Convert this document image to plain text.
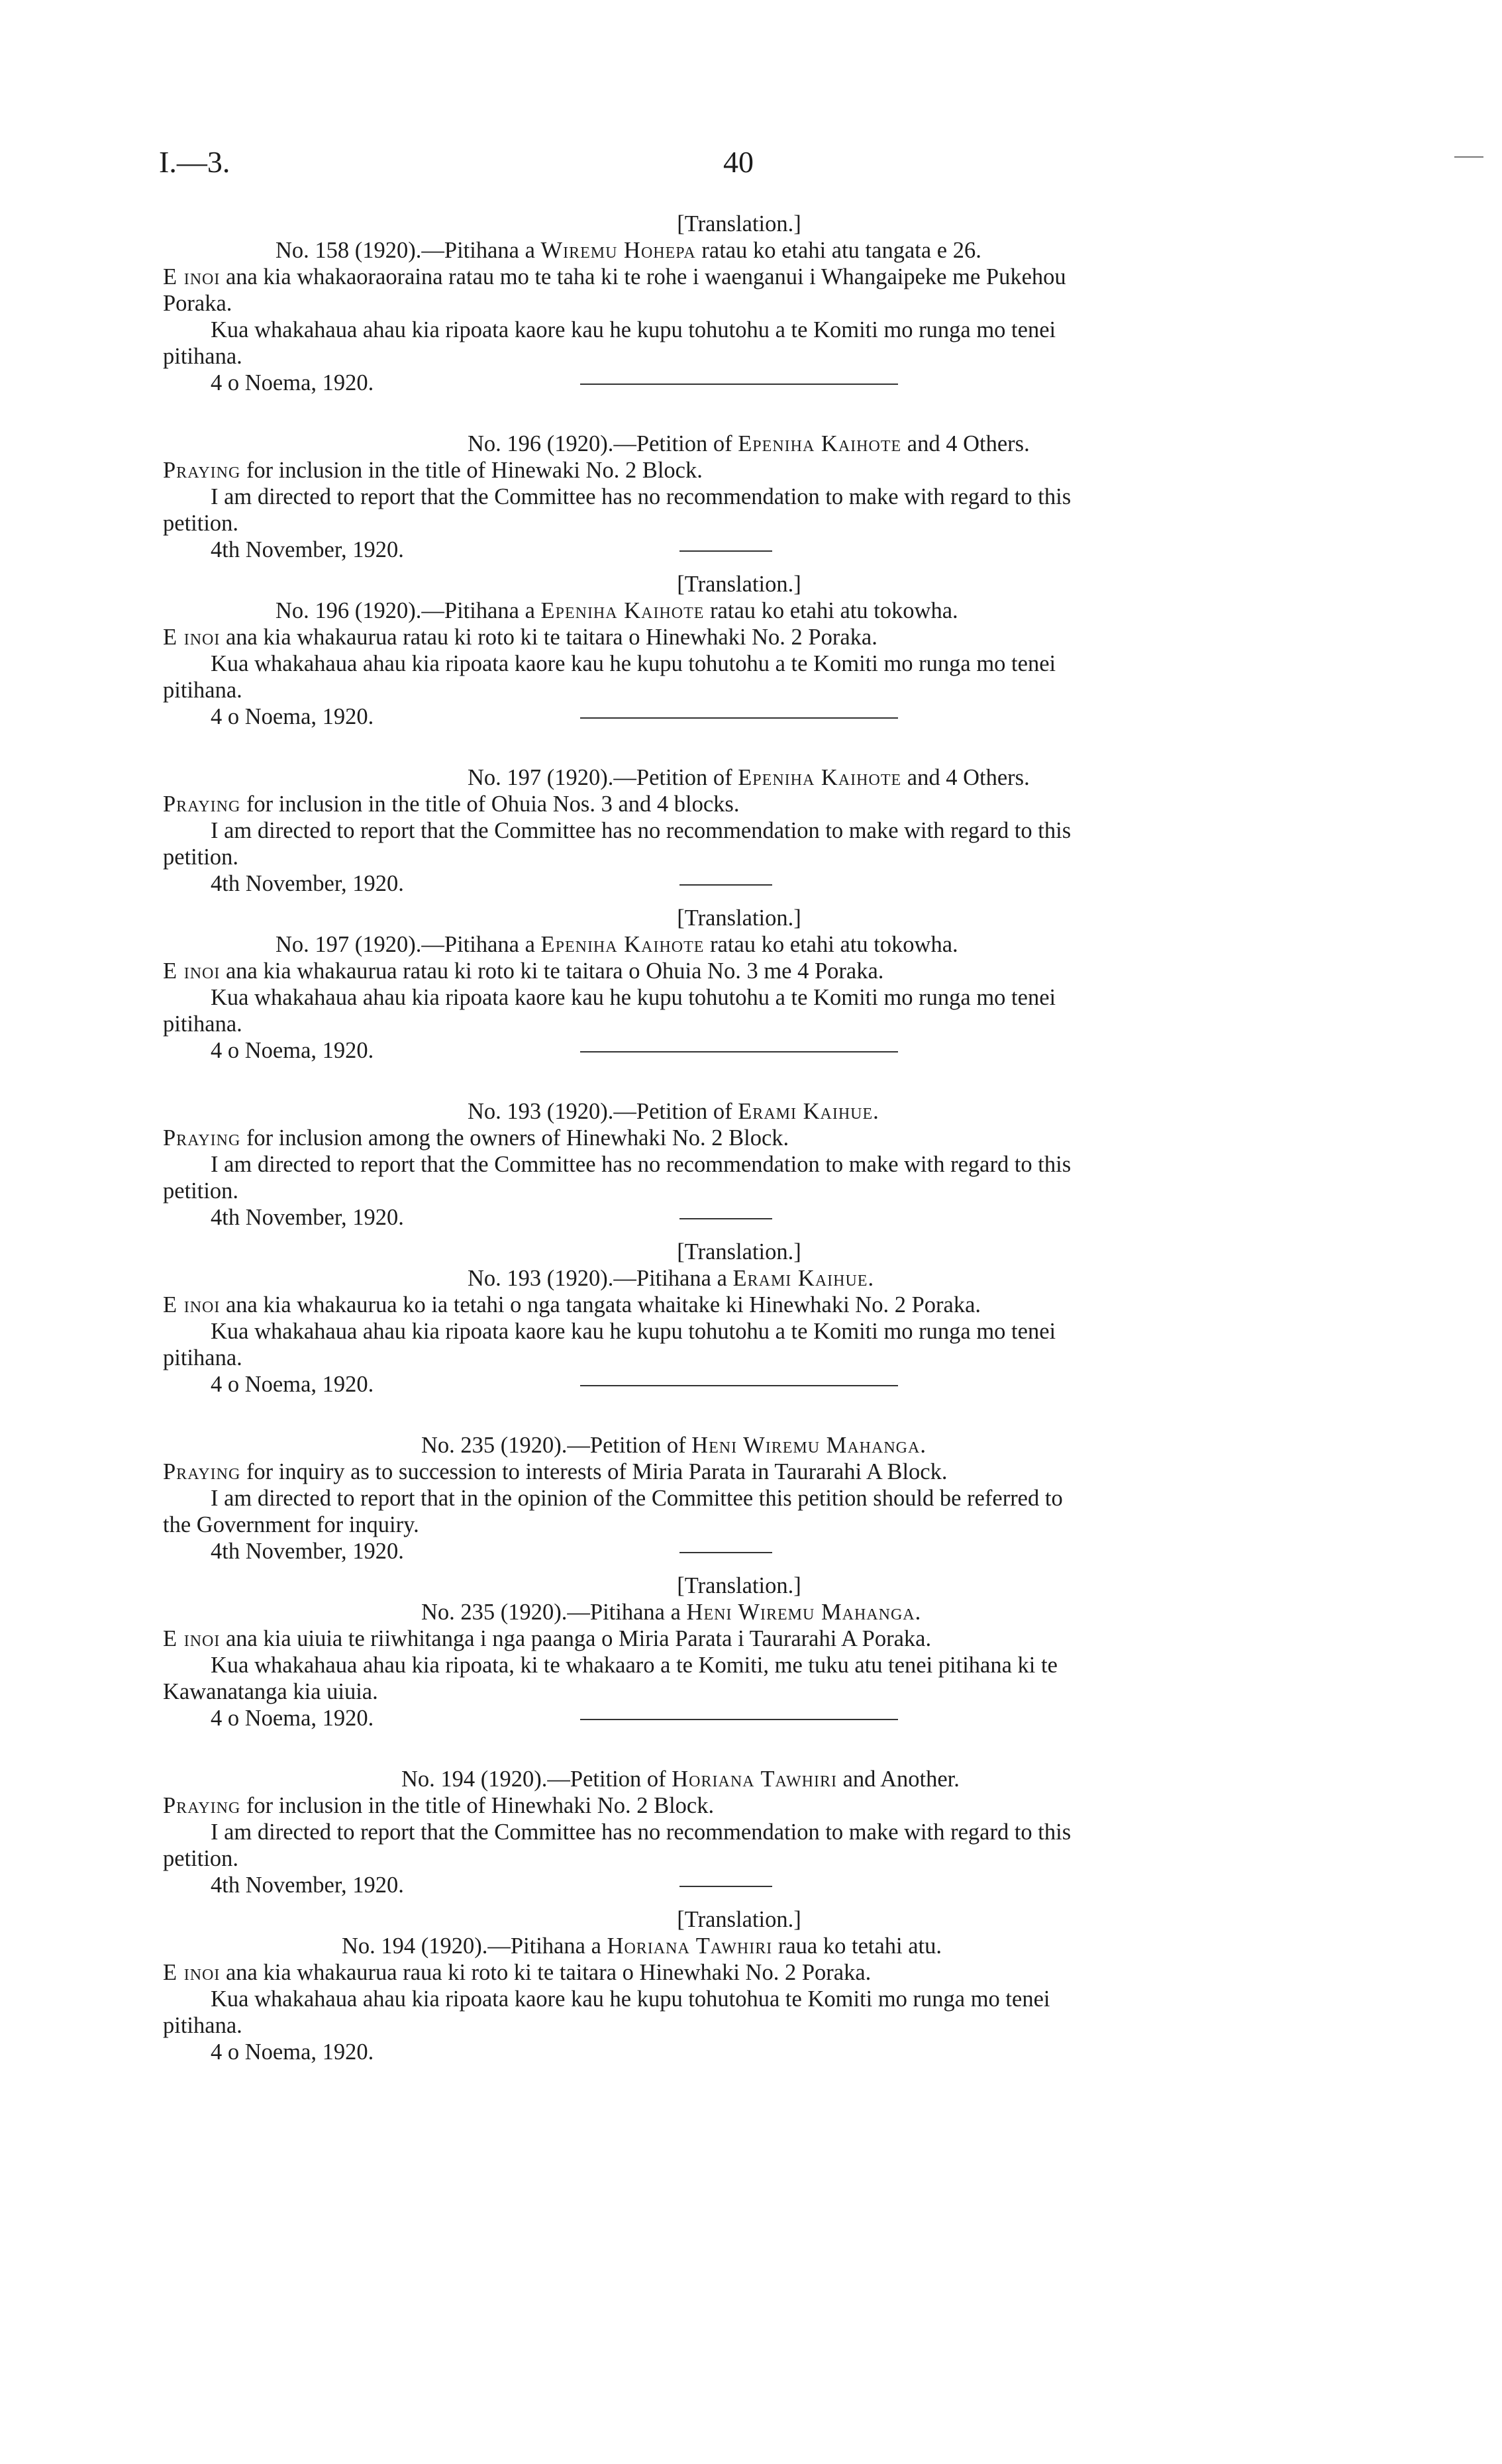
I.—3.	40
[Translation.]
No. 158 (1920).—Pitihana a Wiremu Hohepa ratau ko etahi atu tangata e 26.
E inoi ana kia whakaoraoraina ratau mo te taha ki te rohe i waenganui i Whangaipeke me Pukehou
Poraka.
Kua whakahaua ahau kia ripoata kaore kau he kupu tohutohu a te Komiti mo runga mo tenei
pitihana.
4 o Noema, 1920.
No. 196 (1920).—Petition of Epeniha Kaihote and 4 Others.
Praying for inclusion in the title of Hinewaki No. 2 Block.
I am directed to report that the Committee has no recommendation to make with regard to this
petition.
4th November, 1920.
[Translation.]
No. 196 (1920).—Pitihana a Epeniha Kaihote ratau ko etahi atu tokowha.
E inoi ana kia whakaurua ratau ki roto ki te taitara o Hinewhaki No. 2 Poraka.
Kua whakahaua ahau kia ripoata kaore kau he kupu tohutohu a te Komiti mo runga mo tenei
pitihana.
4 o Noema, 1920.
No. 197 (1920).—Petition of Epeniha Kaihote and 4 Others.
Praying for inclusion in the title of Ohuia Nos. 3 and 4 blocks.
I am directed to report that the Committee has no recommendation to make with regard to this
petition.
4th November, 1920.
[Translation.]
No. 197 (1920).—Pitihana a Epeniha Kaihote ratau ko etahi atu tokowha.
E inoi ana kia whakaurua ratau ki roto ki te taitara o Ohuia No. 3 me 4 Poraka.
Kua whakahaua ahau kia ripoata kaore kau he kupu tohutohu a te Komiti mo runga mo tenei
pitihana.
4 o Noema, 1920.
No. 193 (1920).—Petition of Erami Kaihue.
Praying for inclusion among the owners of Hinewhaki No. 2 Block.
I am directed to report that the Committee has no recommendation to make with regard to this
petition.
4th November, 1920.
[Translation.]
No. 193 (1920).—Pitihana a Erami Kaihue.
E inoi ana kia whakaurua ko ia tetahi o nga tangata whaitake ki Hinewhaki No. 2 Poraka.
Kua whakahaua ahau kia ripoata kaore kau he kupu tohutohu a te Komiti mo runga mo tenei
pitihana.
4 o Noema, 1920.
No. 235 (1920).—Petition of Heni Wiremu Mahanga.
Praying for inquiry as to succession to interests of Miria Parata in Taurarahi A Block.
I am directed to report that in the opinion of the Committee this petition should be referred to
the Government for inquiry.
4th November, 1920.
[Translation.]
No. 235 (1920).—Pitihana a Heni Wiremu Mahanga.
E inoi ana kia uiuia te riiwhitanga i nga paanga o Miria Parata i Taurarahi A Poraka.
Kua whakahaua ahau kia ripoata, ki te whakaaro a te Komiti, me tuku atu tenei pitihana ki te
Kawanatanga kia uiuia.
4 o Noema, 1920.
No. 194 (1920).—Petition of Horiana Tawhiri and Another.
Praying for inclusion in the title of Hinewhaki No. 2 Block.
I am directed to report that the Committee has no recommendation to make with regard to this
petition.
4th November, 1920.
[Translation.]
No. 194 (1920).—Pitihana a Horiana Tawhiri raua ko tetahi atu.
E inoi ana kia whakaurua raua ki roto ki te taitara o Hinewhaki No. 2 Poraka.
Kua whakahaua ahau kia ripoata kaore kau he kupu tohutohua te Komiti mo runga mo tenei
pitihana.
4 o Noema, 1920.
